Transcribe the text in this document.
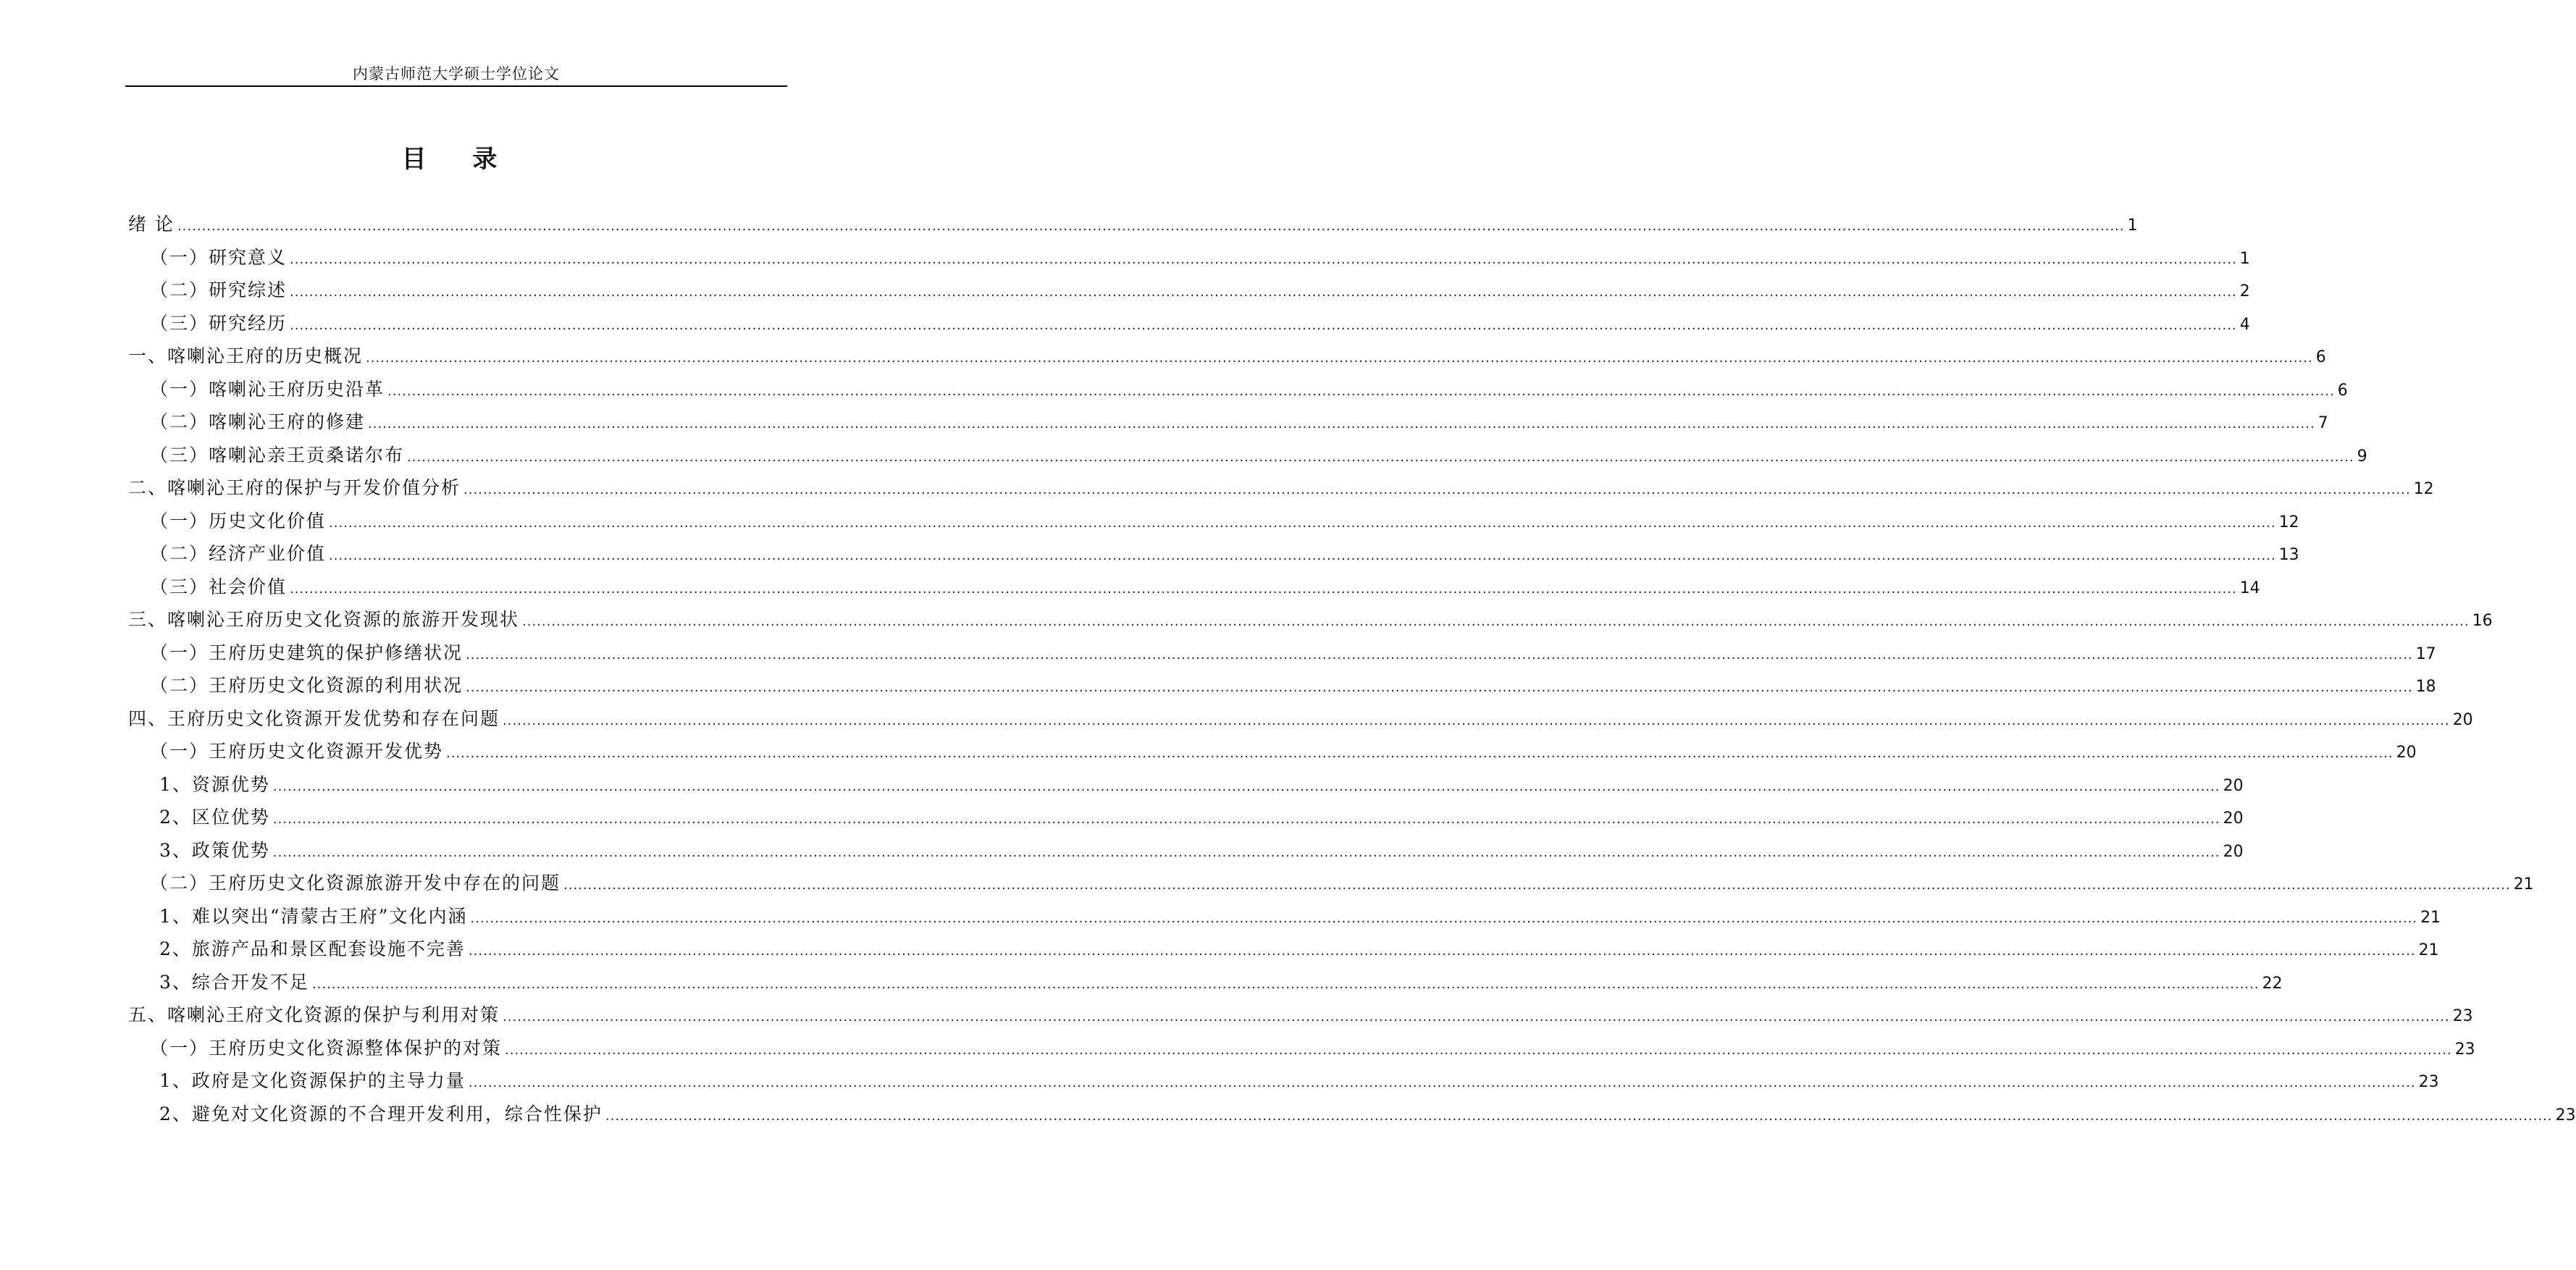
内蒙古师范大学硕士学位论文
目 录
绪 论 ................................................................................................................................................................................................................................................................................................................................................................................................................ 1
（一）研究意义 ................................................................................................................................................................................................................................................................................................................................................................................................................ 1
（二）研究综述 ................................................................................................................................................................................................................................................................................................................................................................................................................ 2
（三）研究经历 ................................................................................................................................................................................................................................................................................................................................................................................................................ 4
一、喀喇沁王府的历史概况 ................................................................................................................................................................................................................................................................................................................................................................................................................ 6
（一）喀喇沁王府历史沿革 ................................................................................................................................................................................................................................................................................................................................................................................................................ 6
（二）喀喇沁王府的修建 ................................................................................................................................................................................................................................................................................................................................................................................................................ 7
（三）喀喇沁亲王贡桑诺尔布 ................................................................................................................................................................................................................................................................................................................................................................................................................ 9
二、喀喇沁王府的保护与开发价值分析 ................................................................................................................................................................................................................................................................................................................................................................................................................ 12
（一）历史文化价值 ................................................................................................................................................................................................................................................................................................................................................................................................................ 12
（二）经济产业价值 ................................................................................................................................................................................................................................................................................................................................................................................................................ 13
（三）社会价值 ................................................................................................................................................................................................................................................................................................................................................................................................................ 14
三、喀喇沁王府历史文化资源的旅游开发现状 ................................................................................................................................................................................................................................................................................................................................................................................................................ 16
（一）王府历史建筑的保护修缮状况 ................................................................................................................................................................................................................................................................................................................................................................................................................ 17
（二）王府历史文化资源的利用状况 ................................................................................................................................................................................................................................................................................................................................................................................................................ 18
四、王府历史文化资源开发优势和存在问题 ................................................................................................................................................................................................................................................................................................................................................................................................................ 20
（一）王府历史文化资源开发优势 ................................................................................................................................................................................................................................................................................................................................................................................................................ 20
1、资源优势 ................................................................................................................................................................................................................................................................................................................................................................................................................ 20
2、区位优势 ................................................................................................................................................................................................................................................................................................................................................................................................................ 20
3、政策优势 ................................................................................................................................................................................................................................................................................................................................................................................................................ 20
（二）王府历史文化资源旅游开发中存在的问题 ................................................................................................................................................................................................................................................................................................................................................................................................................ 21
1、难以突出“清蒙古王府”文化内涵 ................................................................................................................................................................................................................................................................................................................................................................................................................ 21
2、旅游产品和景区配套设施不完善 ................................................................................................................................................................................................................................................................................................................................................................................................................ 21
3、综合开发不足 ................................................................................................................................................................................................................................................................................................................................................................................................................ 22
五、喀喇沁王府文化资源的保护与利用对策 ................................................................................................................................................................................................................................................................................................................................................................................................................ 23
（一）王府历史文化资源整体保护的对策 ................................................................................................................................................................................................................................................................................................................................................................................................................ 23
1、政府是文化资源保护的主导力量 ................................................................................................................................................................................................................................................................................................................................................................................................................ 23
2、避免对文化资源的不合理开发利用，综合性保护 ................................................................................................................................................................................................................................................................................................................................................................................................................ 23
